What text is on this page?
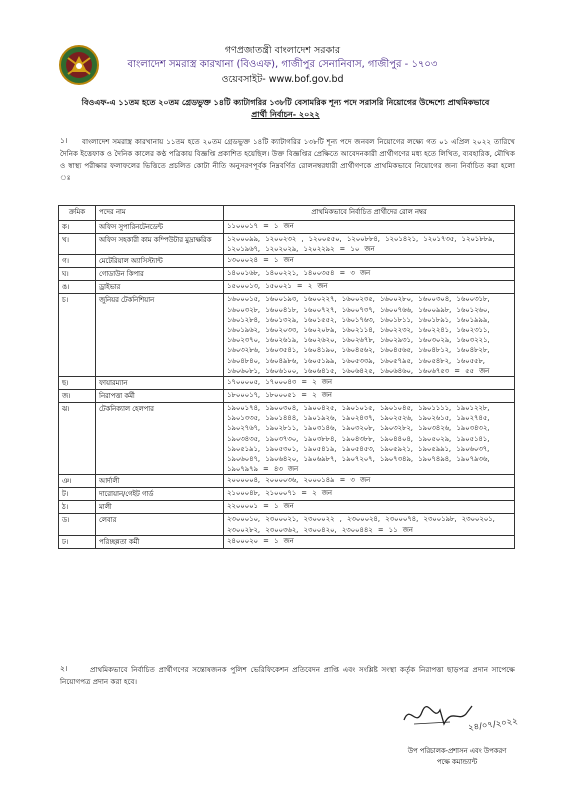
গণপ্রজাতন্ত্রী বাংলাদেশ সরকার
বাংলাদেশ সমরাস্ত্র কারখানা (বিওএফ), গাজীপুর সেনানিবাস, গাজীপুর - ১৭০৩
ওয়েবসাইট- www.bof.gov.bd
বিওএফ-এ ১১তম হতে ২০তম গ্রেডভুক্ত ১৪টি ক্যাটাগরির ১৩৮টি বেসামরিক শূন্য পদে সরাসরি নিয়োগের উদ্দেশ্যে প্রাথমিকভাবে
প্রার্থী নির্বাচন- ২০২২
১।	বাংলাদেশ সমরাস্ত্র কারখানায় ১১তম হতে ২০তম গ্রেডভুক্ত ১৪টি ক্যাটাগরির ১৩৮টি শূন্য পদে জনবল নিয়োগের লক্ষ্যে গত ০১ এপ্রিল ২০২২ তারিখে দৈনিক ইত্তেফাক ও দৈনিক কালের কণ্ঠ পত্রিকায় বিজ্ঞপ্তি প্রকাশিত হয়েছিল। উক্ত বিজ্ঞপ্তির প্রেক্ষিতে আবেদনকারী প্রার্থীগণের মধ্য হতে লিখিত, ব্যবহারিক, মৌখিক ও স্বাস্থ্য পরীক্ষার ফলাফলের ভিত্তিতে প্রচলিত কোটা নীতি অনুসরণপূর্বক নিম্নবর্ণিত রোলনম্বরধারী প্রার্থীগণকে প্রাথমিকভাবে নিয়োগের জন্য নির্বাচিত করা হলো ঃ
ক্রমিক	পদের নাম	প্রাথমিকভাবে নির্বাচিত প্রার্থীদের রোল নম্বর
ক।	অফিস সুপারিনটেনডেন্ট	১১০০০১৭ = ১ জন
খ।	অফিস সহকারী কাম কম্পিউটার মুদ্রাক্ষরিক	১২০০০৯৯, ১২০০২৩২ , ১২০০৫৫০, ১২০০৮৮৪, ১২০১৪২১, ১২০১৭৩৫, ১২০১৮৮৯, ১২০১৯৬৭, ১২০২০২৯, ১২০২২৯২ = ১০ জন
গ।	মেটেরিয়াল অ্যাসিস্ট্যান্ট	১৩০০০২৪ = ১ জন
ঘ।	গোডাউন কিপার	১৪০০১৬৮, ১৪০০২২১, ১৪০০৩৫৪ = ৩ জন
ঙ।	ড্রাইভার	১৫০০০১৩, ১৫০০২১ = ২ জন
চ।	জুনিয়র টেকনিশিয়ান	১৬০০০১৫, ১৬০০১৯৩, ১৬০০২২৭, ১৬০০২৩৫, ১৬০০২৮০, ১৬০০৩০৪, ১৬০০৩১৮, ১৬০০৩২৮, ১৬০০৪১৮, ১৬০০৭২৭, ১৬০০৭৩৭, ১৬০০৭৬৬, ১৬০০৯৯৮, ১৬০১২৬০, ১৬০১২৮৪, ১৬০১৩২৯, ১৬০১৫৫২, ১৬০১৭৬৩, ১৬০১৮১১, ১৬০১৮৯১, ১৬০১৯৯৯, ১৬০১৯৬২, ১৬০২০৩৩, ১৬০২০৮৯, ১৬০২১১৪, ১৬০২২৩২, ১৬০২২৪১, ১৬০২৩১১, ১৬০২৩৭০, ১৬০২৬১৯, ১৬০২৬২০, ১৬০২৬৭৮, ১৬০২৯৩১, ১৬০৩০২৯, ১৬০৩২২১, ১৬০৩২৮৬, ১৬০৩৫৪১, ১৬০৪১৯০, ১৬০৪৫৬২, ১৬০৪৫৬৫, ১৬০৪৮১২, ১৬০৪৮২৮, ১৬০৪৮৪০, ১৬০৪৯৮৬, ১৬০৫১৯৯, ১৬০৫৩৩৯, ১৬০৫৭৯৫, ১৬০৫৪৮২, ১৬০৫৫৮, ১৬০৬০৮১, ১৬০৬১০০, ১৬০৬৪১৫, ১৬০৬৪২৫, ১৬০৬৪৬০, ১৬০৬৭৫৩ = ৫৫ জন
ছ।	ফায়ারম্যান	১৭০০০০৫, ১৭০০০৪৩ = ২ জন
জ।	নিরাপত্তা কর্মী	১৮০০০১৭, ১৮০০০৫১ = ২ জন
ঝ।	টেকনিক্যাল হেলপার	১৯০০১৭৪, ১৯০০৩০৪, ১৯০০৪২৫, ১৯০১০১৫, ১৯০১০৪৫, ১৯০১১১১, ১৯০১২২৮, ১৯০১৩৩৫, ১৯০১৪৪৪, ১৯০১৯২৬, ১৯০২৪৩৭, ১৯০২৫২৬, ১৯০২৬১৫, ১৯০২৭৪৫, ১৯০২৭৬৭, ১৯০২৮১১, ১৯০৩১৪৬, ১৯০৩২০৮, ১৯০৩২৮২, ১৯০৩৪২৬, ১৯০৩৪৩২, ১৯০৩৪৩৫, ১৯০৩৭৩০, ১৯০৩৮৮৪, ১৯০৪৩৮৮, ১৯০৪৪০৪, ১৯০৫০২৯, ১৯০৫১৪১, ১৯০৫১৯১, ১৯০৫৩০১, ১৯০৫৪১৯, ১৯০৫৪৫৩, ১৯০৫৯২১, ১৯০৫৯৯১, ১৯০৬০৩৭, ১৯০৬০৪৭, ১৯০৬৪২০, ১৯০৬৯৮৭, ১৯০৭২০৭, ১৯০৭৩৪৯, ১৯০৭৪৯৪, ১৯০৭৯৩৬, ১৯০৭৯৭৯ = ৪৩ জন
ঞ।	আর্দালী	২০০০০০৪, ২০০০০৩৬, ২০০০১৪৯ = ৩ জন
ট।	দারোয়ান/গেইট গার্ড	২১০০০৪৮, ২১০০০৭১ = ২ জন
ঠ।	মালী	২২০০০০১ = ১ জন
ড।	লেবার	২৩০০০১০, ২৩০০০২১, ২৩০০০২২ , ২৩০০০২৪, ২৩০০০৭৪, ২৩০০১৯৮, ২৩০০২০১, ২৩০০২৮২, ২৩০০৩৬২, ২৩০০৪২০, ২৩০০৪৪২ = ১১ জন
ঢ।	পরিচ্ছন্নতা কর্মী	২৪০০০২০ = ১ জন
২।	প্রাথমিকভাবে নির্বাচিত প্রার্থীগণের সন্তোষজনক পুলিশ ভেরিফিকেশন প্রতিবেদন প্রাপ্তি এবং সংশ্লিষ্ট সংস্থা কর্তৃক নিরাপত্তা ছাড়পত্র প্রদান সাপেক্ষে নিয়োগপত্র প্রদান করা হবে।
২৪/০৭/২০২২
উপ পরিচালক-প্রশাসন এবং উপকরণ
পক্ষে কমান্ড্যান্ট
